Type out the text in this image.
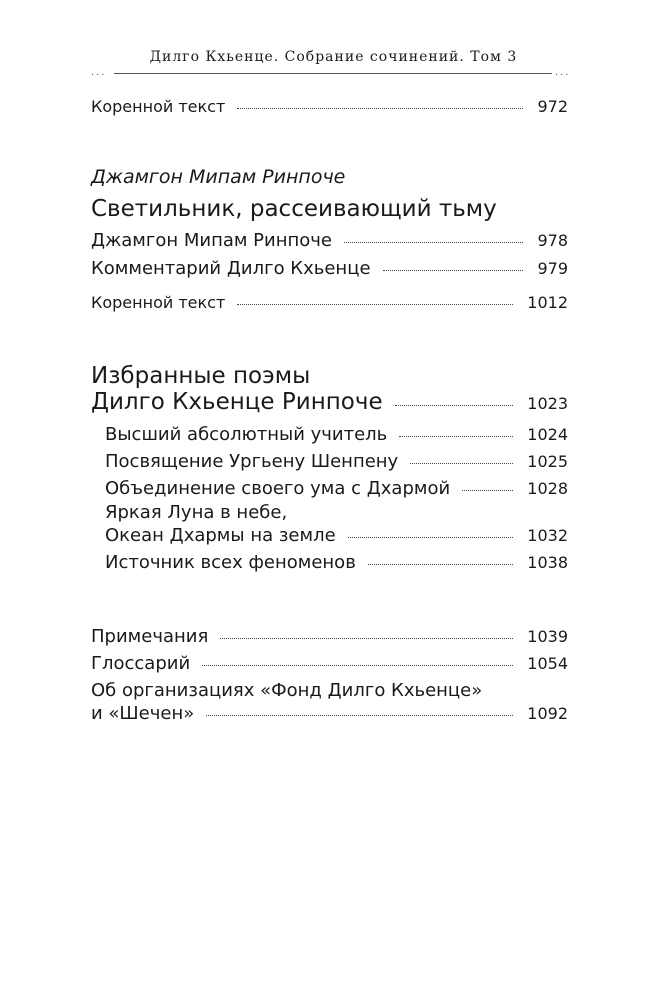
Дилго Кхьенце. Собрание сочинений. Том 3
...	...
Коренной текст	972
Джамгон Мипам Ринпоче
Светильник, рассеивающий тьму
Джамгон Мипам Ринпоче	978
Комментарий Дилго Кхьенце	979
Коренной текст	1012
Избранные поэмы
Дилго Кхьенце Ринпоче	1023
Высший абсолютный учитель	1024
Посвящение Ургьену Шенпену	1025
Объединение своего ума с Дхармой	1028
Яркая Луна в небе,
Океан Дхармы на земле	1032
Источник всех феноменов	1038
Примечания	1039
Глоссарий	1054
Об организациях «Фонд Дилго Кхьенце»
и «Шечен»	1092
